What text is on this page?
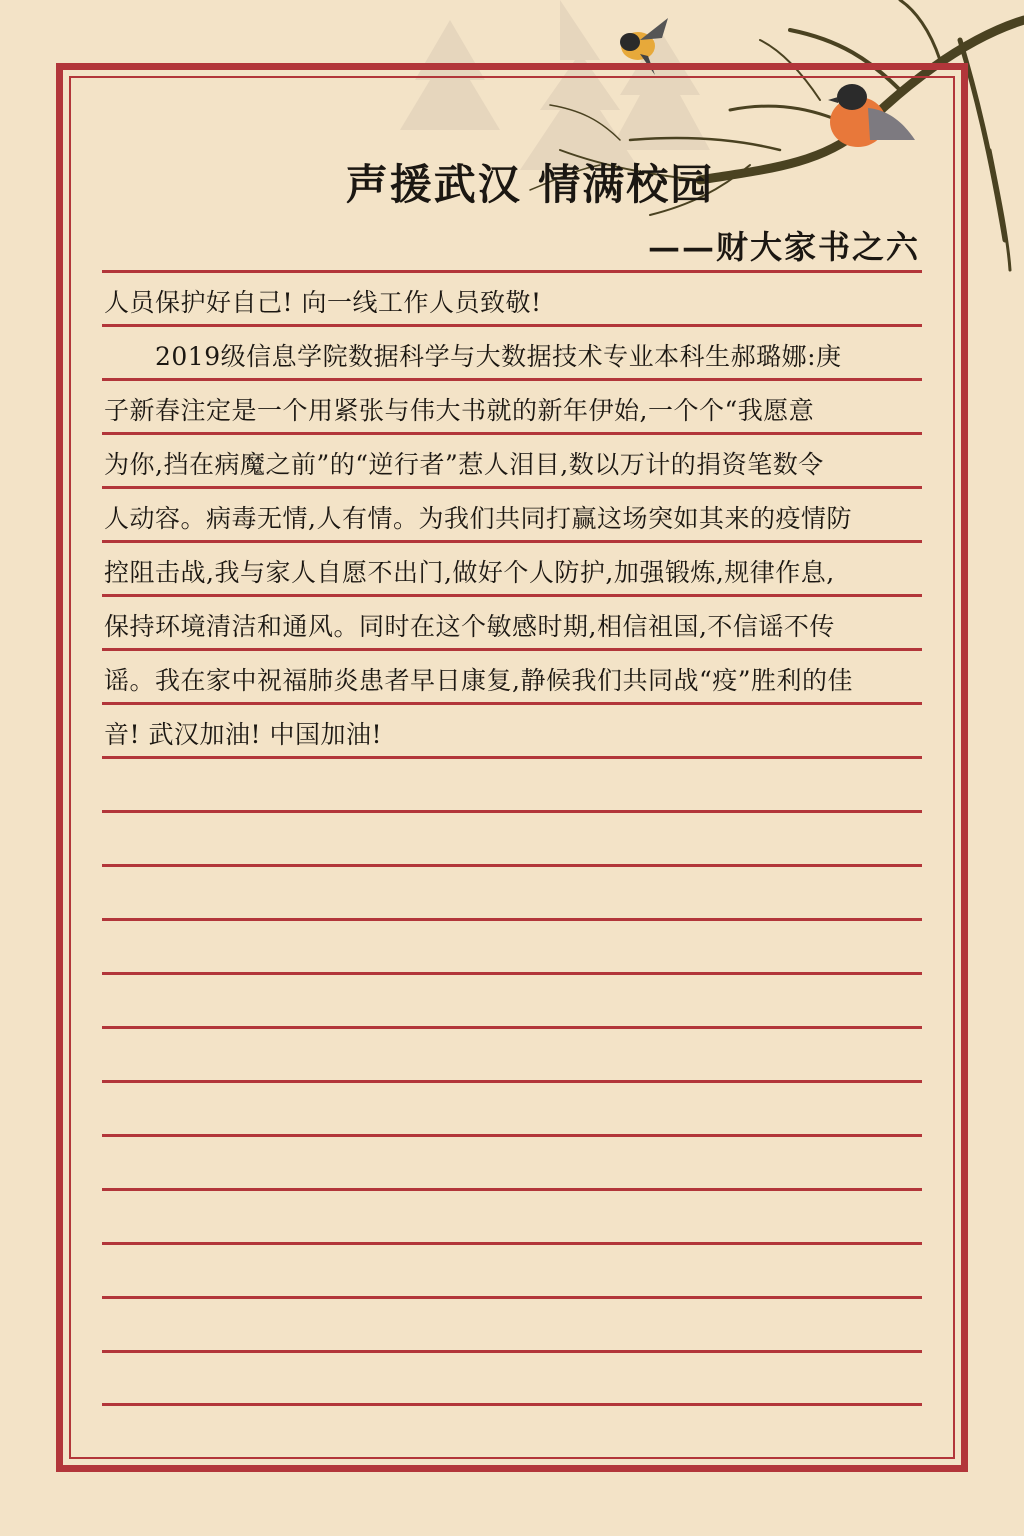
声援武汉 情满校园
——财大家书之六
人员保护好自己! 向一线工作人员致敬!
　　2019级信息学院数据科学与大数据技术专业本科生郝璐娜:庚
子新春注定是一个用紧张与伟大书就的新年伊始,一个个“我愿意
为你,挡在病魔之前”的“逆行者”惹人泪目,数以万计的捐资笔数令
人动容。病毒无情,人有情。为我们共同打赢这场突如其来的疫情防
控阻击战,我与家人自愿不出门,做好个人防护,加强锻炼,规律作息,
保持环境清洁和通风。同时在这个敏感时期,相信祖国,不信谣不传
谣。我在家中祝福肺炎患者早日康复,静候我们共同战“疫”胜利的佳
音! 武汉加油! 中国加油!
